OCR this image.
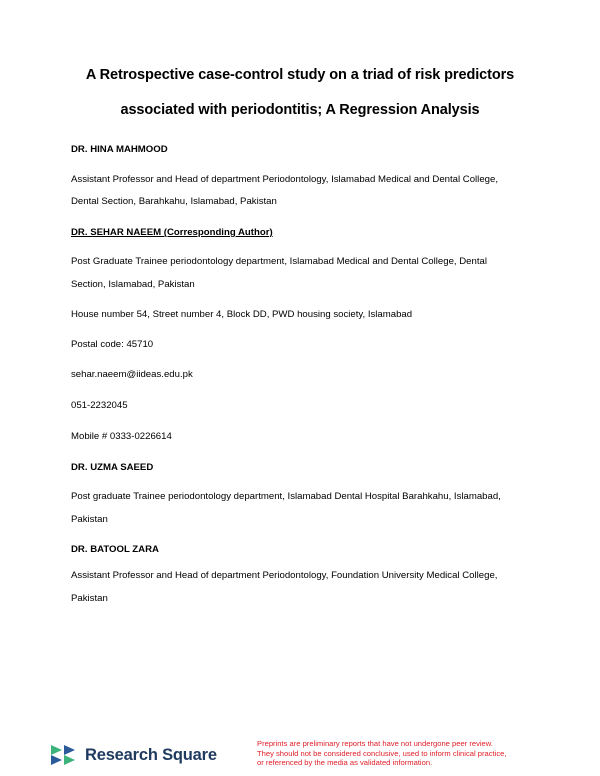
A Retrospective case-control study on a triad of risk predictors
associated with periodontitis; A Regression Analysis
DR. HINA MAHMOOD
Assistant Professor and Head of department Periodontology, Islamabad Medical and Dental College,
Dental Section, Barahkahu, Islamabad, Pakistan
DR. SEHAR NAEEM (Corresponding Author)
Post Graduate Trainee periodontology department, Islamabad Medical and Dental College, Dental
Section, Islamabad, Pakistan
House number 54, Street number 4, Block DD, PWD housing society, Islamabad
Postal code: 45710
sehar.naeem@iideas.edu.pk
051-2232045
Mobile # 0333-0226614
DR. UZMA SAEED
Post graduate Trainee periodontology department, Islamabad Dental Hospital Barahkahu, Islamabad,
Pakistan
DR. BATOOL ZARA
Assistant Professor and Head of department Periodontology, Foundation University Medical College,
Pakistan
Research Square
Preprints are preliminary reports that have not undergone peer review.
They should not be considered conclusive, used to inform clinical practice,
or referenced by the media as validated information.
